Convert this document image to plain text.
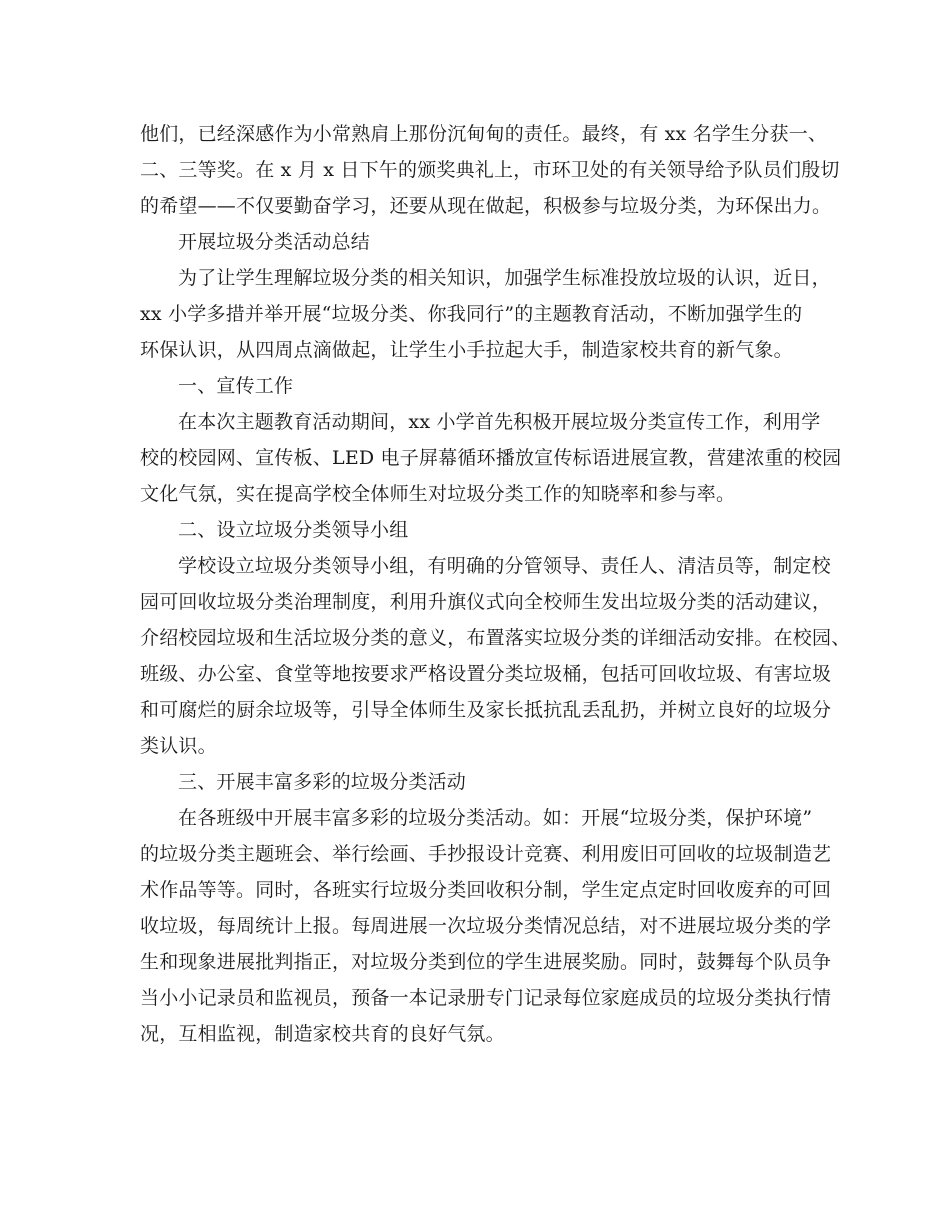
他们，已经深感作为小常熟肩上那份沉甸甸的责任。最终，有 xx 名学生分获一、
二、三等奖。在 x 月 x 日下午的颁奖典礼上，市环卫处的有关领导给予队员们殷切
的希望——不仅要勤奋学习，还要从现在做起，积极参与垃圾分类，为环保出力。
开展垃圾分类活动总结
为了让学生理解垃圾分类的相关知识，加强学生标准投放垃圾的认识，近日，
xx 小学多措并举开展“垃圾分类、你我同行”的主题教育活动，不断加强学生的
环保认识，从四周点滴做起，让学生小手拉起大手，制造家校共育的新气象。
一、宣传工作
在本次主题教育活动期间，xx 小学首先积极开展垃圾分类宣传工作，利用学
校的校园网、宣传板、LED 电子屏幕循环播放宣传标语进展宣教，营建浓重的校园
文化气氛，实在提高学校全体师生对垃圾分类工作的知晓率和参与率。
二、设立垃圾分类领导小组
学校设立垃圾分类领导小组，有明确的分管领导、责任人、清洁员等，制定校
园可回收垃圾分类治理制度，利用升旗仪式向全校师生发出垃圾分类的活动建议，
介绍校园垃圾和生活垃圾分类的意义，布置落实垃圾分类的详细活动安排。在校园、
班级、办公室、食堂等地按要求严格设置分类垃圾桶，包括可回收垃圾、有害垃圾
和可腐烂的厨余垃圾等，引导全体师生及家长抵抗乱丢乱扔，并树立良好的垃圾分
类认识。
三、开展丰富多彩的垃圾分类活动
在各班级中开展丰富多彩的垃圾分类活动。如：开展“垃圾分类，保护环境”
的垃圾分类主题班会、举行绘画、手抄报设计竞赛、利用废旧可回收的垃圾制造艺
术作品等等。同时，各班实行垃圾分类回收积分制，学生定点定时回收废弃的可回
收垃圾，每周统计上报。每周进展一次垃圾分类情况总结，对不进展垃圾分类的学
生和现象进展批判指正，对垃圾分类到位的学生进展奖励。同时，鼓舞每个队员争
当小小记录员和监视员，预备一本记录册专门记录每位家庭成员的垃圾分类执行情
况，互相监视，制造家校共育的良好气氛。
